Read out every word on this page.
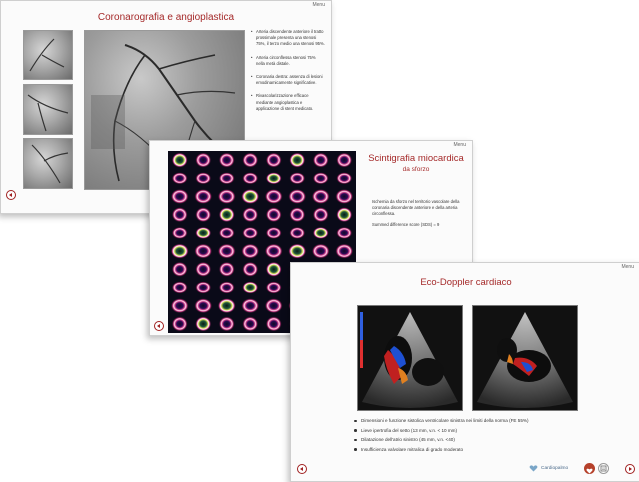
Menu
Coronarografia e angioplastica
• Arteria discendente anteriore il tratto prossimale presenta una stenosi 75%, il terzo medio una stenosi 95%.
• Arteria circonflessa stenosi 75% nella metà distale.
• Coronaria destra: assenza di lesioni emodinamicamente significative.
• Rivascolarizzazione efficace mediante angioplastica e applicazione di stent medicato.
Menu
Scintigrafia miocardica
da sforzo

Ischemia da sforzo nel territorio vascolare della coronaria discendente anteriore e della arteria circonflessa.

Summed difference score (SDS) = 9

Menu
Eco-Doppler cardiaco
Dimensioni e funzione sistolica ventricolare sinistra nei limiti della norma (FE 55%)
Lieve ipertrofia del setto (13 mm, v.n. < 10 mm)
Dilatazione dell'atrio sinistro (45 mm, v.n. <40)
Insufficienza valvolare mitralica di grado moderato
Cardiopalmo
